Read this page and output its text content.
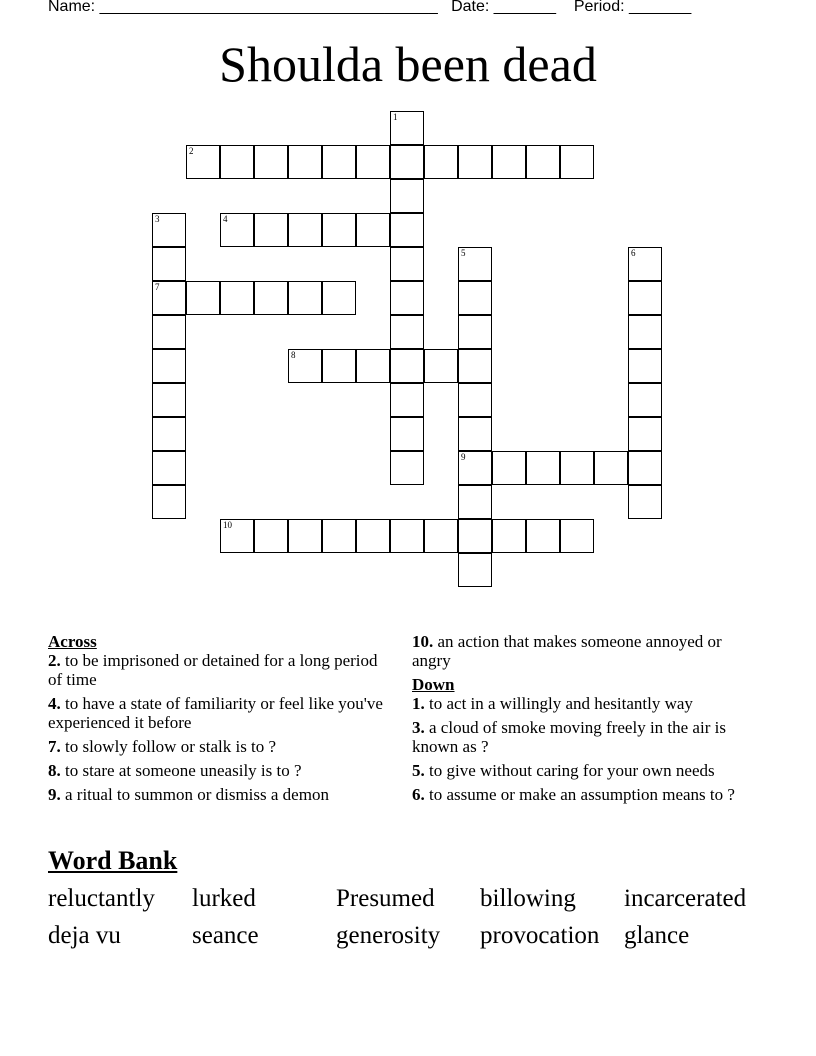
Name: ______________________________________ Date: _______ Period: _______
Shoulda been dead
1
2
3
7
4
5
9
6
8
10
Across
2. to be imprisoned or detained for a long period of time
4. to have a state of familiarity or feel like you've experienced it before
7. to slowly follow or stalk is to ?
8. to stare at someone uneasily is to ?
9. a ritual to summon or dismiss a demon
10. an action that makes someone annoyed or angry
Down
1. to act in a willingly and hesitantly way
3. a cloud of smoke moving freely in the air is known as ?
5. to give without caring for your own needs
6. to assume or make an assumption means to ?
Word Bank
reluctantly lurked	Presumed billowing incarcerated
deja vu	seance	generosity provocation glance
